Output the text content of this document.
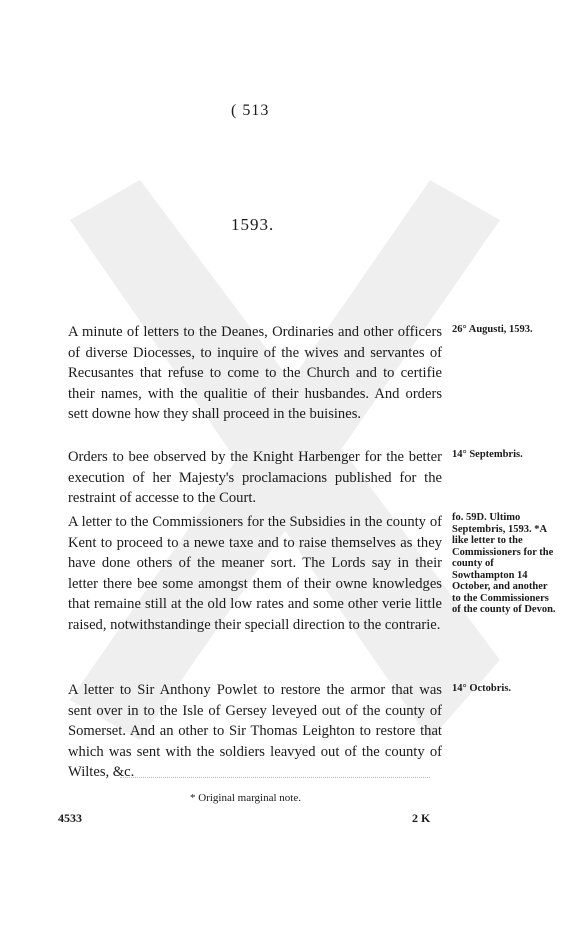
( 513
1593.

A minute of letters to the Deanes, Ordinaries and other officers of diverse Diocesses, to inquire of the wives and servantes of Recusantes that refuse to come to the Church and to certifie their names, with the qualitie of their husbandes. And orders sett downe how they shall proceed in the buisines.

26° Augusti, 1593.

Orders to bee observed by the Knight Harbenger for the better execution of her Majesty's proclamacions published for the restraint of accesse to the Court.

14° Septembris.

A letter to the Commissioners for the Subsidies in the county of Kent to proceed to a newe taxe and to raise themselves as they have done others of the meaner sort. The Lords say in their letter there bee some amongst them of their owne knowledges that remaine still at the old low rates and some other verie little raised, notwithstandinge their speciall direction to the contrarie.

fo. 59D. Ultimo Septembris, 1593. *A like letter to the Commissioners for the county of Sowthampton 14 October, and another to the Commissioners of the county of Devon.

A letter to Sir Anthony Powlet to restore the armor that was sent over in to the Isle of Gersey leveyed out of the county of Somerset. And an other to Sir Thomas Leighton to restore that which was sent with the soldiers leavyed out of the county of Wiltes, &c.

14° Octobris.
* Original marginal note.
4533	2 K
